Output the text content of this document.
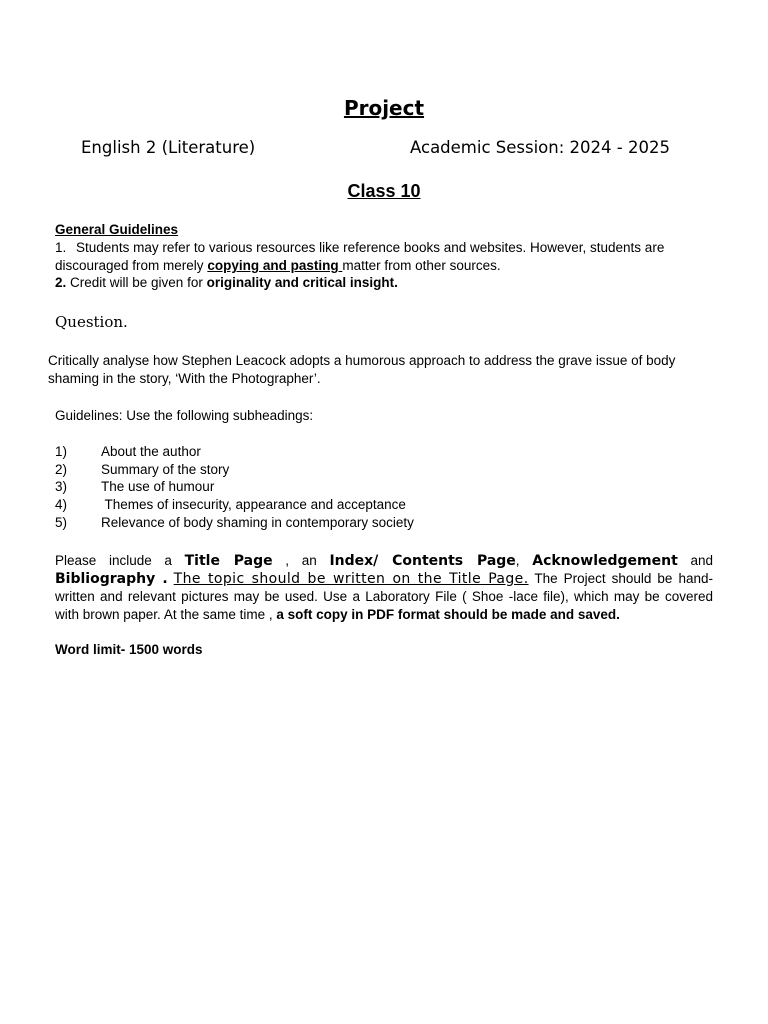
Project
English 2 (Literature)	Academic Session: 2024 - 2025
Class 10
General Guidelines
1. Students may refer to various resources like reference books and websites. However, students are discouraged from merely copying and pasting matter from other sources.
2. Credit will be given for originality and critical insight.
Question.
Critically analyse how Stephen Leacock adopts a humorous approach to address the grave issue of body shaming in the story, ‘With the Photographer’.
Guidelines: Use the following subheadings:
1)	About the author
2)	Summary of the story
3)	The use of humour
4)	Themes of insecurity, appearance and acceptance
5)	Relevance of body shaming in contemporary society
Please include a Title Page , an Index/ Contents Page, Acknowledgement and Bibliography . The topic should be written on the Title Page. The Project should be hand-written and relevant pictures may be used. Use a Laboratory File ( Shoe -lace file), which may be covered with brown paper. At the same time , a soft copy in PDF format should be made and saved.
Word limit- 1500 words
